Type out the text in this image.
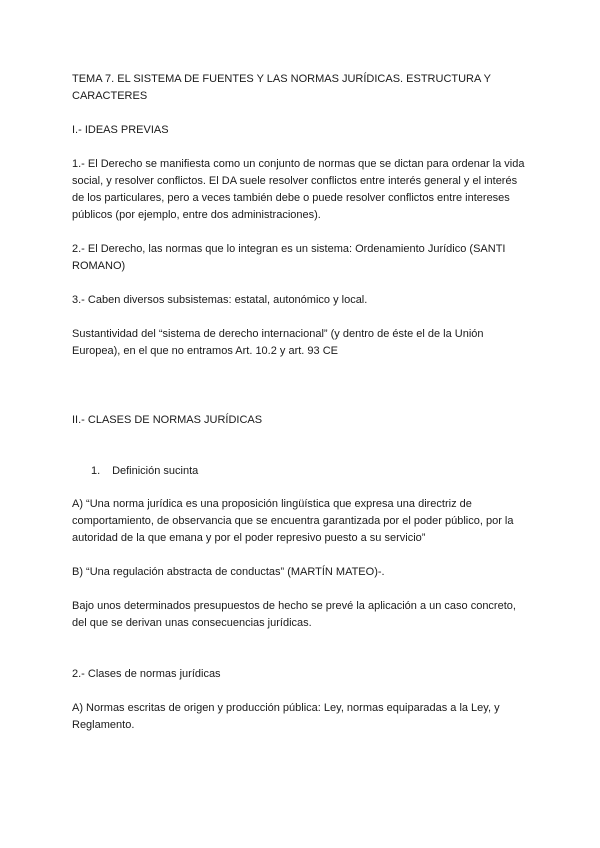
TEMA 7. EL SISTEMA DE FUENTES Y LAS NORMAS JURÍDICAS. ESTRUCTURA Y CARACTERES

I.- IDEAS PREVIAS

1.- El Derecho se manifiesta como un conjunto de normas que se dictan para ordenar la vida social, y resolver conflictos. El DA suele resolver conflictos entre interés general y el interés de los particulares, pero a veces también debe o puede resolver conflictos entre intereses públicos (por ejemplo, entre dos administraciones).

2.- El Derecho, las normas que lo integran es un sistema: Ordenamiento Jurídico (SANTI ROMANO)

3.- Caben diversos subsistemas: estatal, autonómico y local.

Sustantividad del “sistema de derecho internacional” (y dentro de éste el de la Unión Europea), en el que no entramos Art. 10.2 y art. 93 CE

II.- CLASES DE NORMAS JURÍDICAS

1. Definición sucinta

A) “Una norma jurídica es una proposición lingüística que expresa una directriz de comportamiento, de observancia que se encuentra garantizada por el poder público, por la autoridad de la que emana y por el poder represivo puesto a su servicio”

B) “Una regulación abstracta de conductas” (MARTÍN MATEO)-.

Bajo unos determinados presupuestos de hecho se prevé la aplicación a un caso concreto, del que se derivan unas consecuencias jurídicas.

2.- Clases de normas jurídicas

A) Normas escritas de origen y producción pública: Ley, normas equiparadas a la Ley, y Reglamento.
